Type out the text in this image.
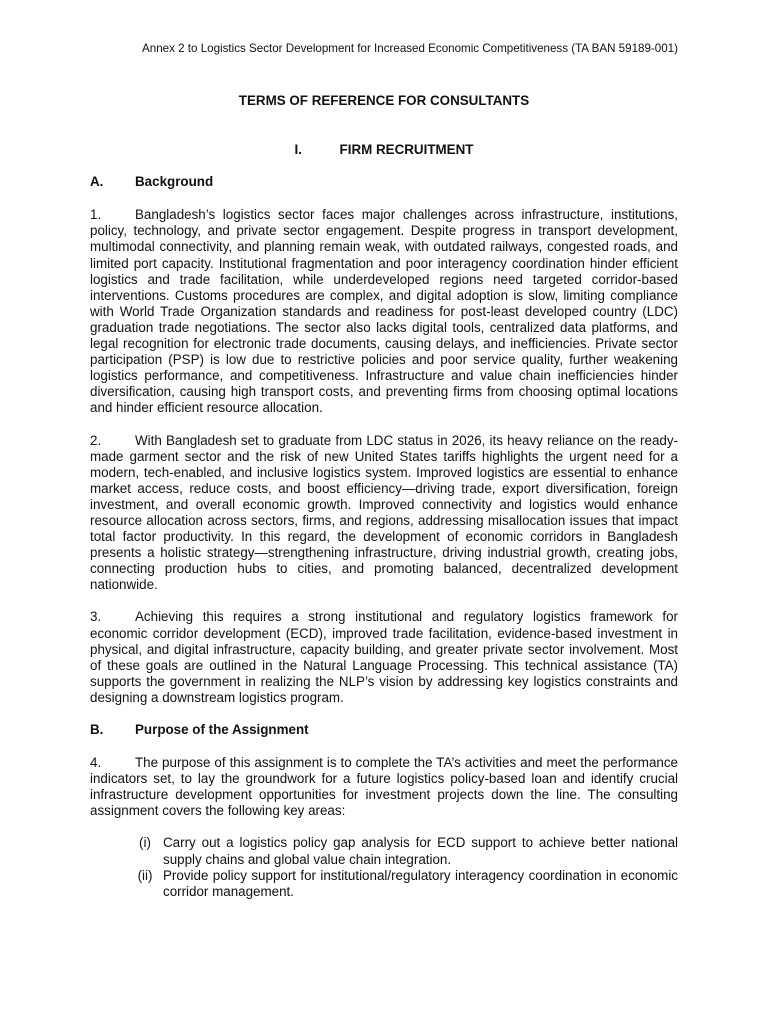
Annex 2 to Logistics Sector Development for Increased Economic Competitiveness (TA BAN 59189-001)
TERMS OF REFERENCE FOR CONSULTANTS
I.	FIRM RECRUITMENT
A. Background

1.	Bangladesh’s logistics sector faces major challenges across infrastructure, institutions, policy, technology, and private sector engagement. Despite progress in transport development, multimodal connectivity, and planning remain weak, with outdated railways, congested roads, and limited port capacity. Institutional fragmentation and poor interagency coordination hinder efficient logistics and trade facilitation, while underdeveloped regions need targeted corridor-based interventions. Customs procedures are complex, and digital adoption is slow, limiting compliance with World Trade Organization standards and readiness for post-least developed country (LDC) graduation trade negotiations. The sector also lacks digital tools, centralized data platforms, and legal recognition for electronic trade documents, causing delays, and inefficiencies. Private sector participation (PSP) is low due to restrictive policies and poor service quality, further weakening logistics performance, and competitiveness. Infrastructure and value chain inefficiencies hinder diversification, causing high transport costs, and preventing firms from choosing optimal locations and hinder efficient resource allocation.

2.	With Bangladesh set to graduate from LDC status in 2026, its heavy reliance on the ready-made garment sector and the risk of new United States tariffs highlights the urgent need for a modern, tech-enabled, and inclusive logistics system. Improved logistics are essential to enhance market access, reduce costs, and boost efficiency—driving trade, export diversification, foreign investment, and overall economic growth. Improved connectivity and logistics would enhance resource allocation across sectors, firms, and regions, addressing misallocation issues that impact total factor productivity. In this regard, the development of economic corridors in Bangladesh presents a holistic strategy—strengthening infrastructure, driving industrial growth, creating jobs, connecting production hubs to cities, and promoting balanced, decentralized development nationwide.

3.	Achieving this requires a strong institutional and regulatory logistics framework for economic corridor development (ECD), improved trade facilitation, evidence-based investment in physical, and digital infrastructure, capacity building, and greater private sector involvement. Most of these goals are outlined in the Natural Language Processing. This technical assistance (TA) supports the government in realizing the NLP’s vision by addressing key logistics constraints and designing a downstream logistics program.

B. Purpose of the Assignment

4.	The purpose of this assignment is to complete the TA’s activities and meet the performance indicators set, to lay the groundwork for a future logistics policy-based loan and identify crucial infrastructure development opportunities for investment projects down the line. The consulting assignment covers the following key areas:

(i) Carry out a logistics policy gap analysis for ECD support to achieve better national supply chains and global value chain integration.
(ii) Provide policy support for institutional/regulatory interagency coordination in economic corridor management.
